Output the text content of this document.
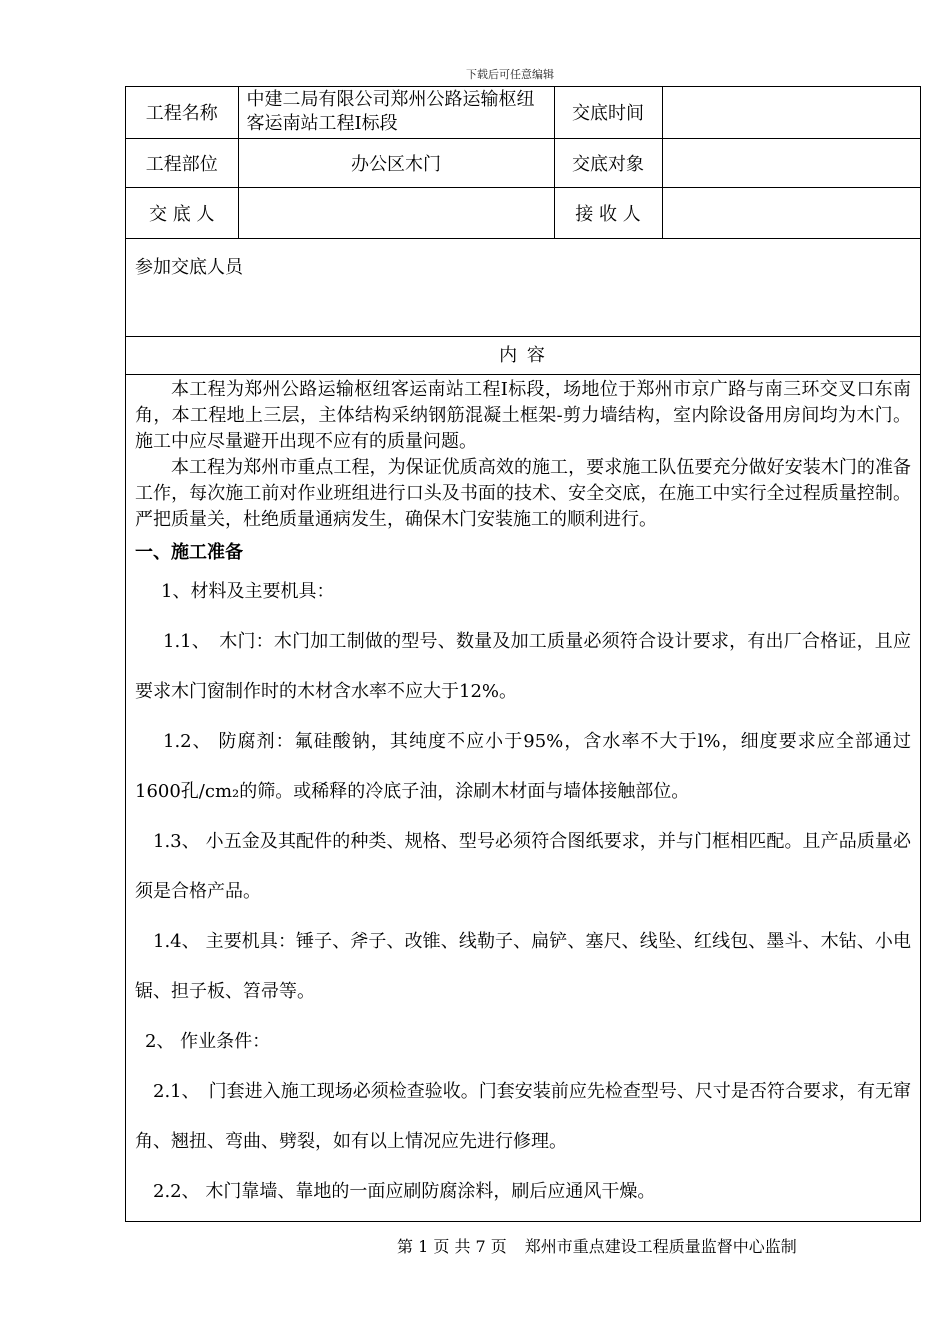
下载后可任意编辑
工程名称	中建二局有限公司郑州公路运输枢纽客运南站工程Ⅰ标段	交底时间	
工程部位	办公区木门	交底对象	
交 底 人		接 收 人	
参加交底人员
内 容

本工程为郑州公路运输枢纽客运南站工程Ⅰ标段，场地位于郑州市京广路与南三环交叉口东南角，本工程地上三层，主体结构采纳钢筋混凝土框架-剪力墙结构，室内除设备用房间均为木门。施工中应尽量避开出现不应有的质量问题。

本工程为郑州市重点工程，为保证优质高效的施工，要求施工队伍要充分做好安装木门的准备工作，每次施工前对作业班组进行口头及书面的技术、安全交底，在施工中实行全过程质量控制。严把质量关，杜绝质量通病发生，确保木门安装施工的顺利进行。

一、施工准备

1、材料及主要机具：

1.1、　木门：木门加工制做的型号、数量及加工质量必须符合设计要求，有出厂合格证，且应要求木门窗制作时的木材含水率不应大于12%。

1.2、 防腐剂：氟硅酸钠，其纯度不应小于95%，含水率不大于l%，细度要求应全部通过1600孔/cm₂的筛。或稀释的冷底子油，涂刷木材面与墙体接触部位。

1.3、 小五金及其配件的种类、规格、型号必须符合图纸要求，并与门框相匹配。且产品质量必须是合格产品。

1.4、 主要机具：锤子、斧子、改锥、线勒子、扁铲、塞尺、线坠、红线包、墨斗、木钻、小电锯、担子板、笤帚等。

2、 作业条件：

2.1、　门套进入施工现场必须检查验收。门套安装前应先检查型号、尺寸是否符合要求，有无窜角、翘扭、弯曲、劈裂，如有以上情况应先进行修理。

2.2、 木门靠墙、靠地的一面应刷防腐涂料，刷后应通风干燥。

第 1 页 共 7 页 郑州市重点建设工程质量监督中心监制
